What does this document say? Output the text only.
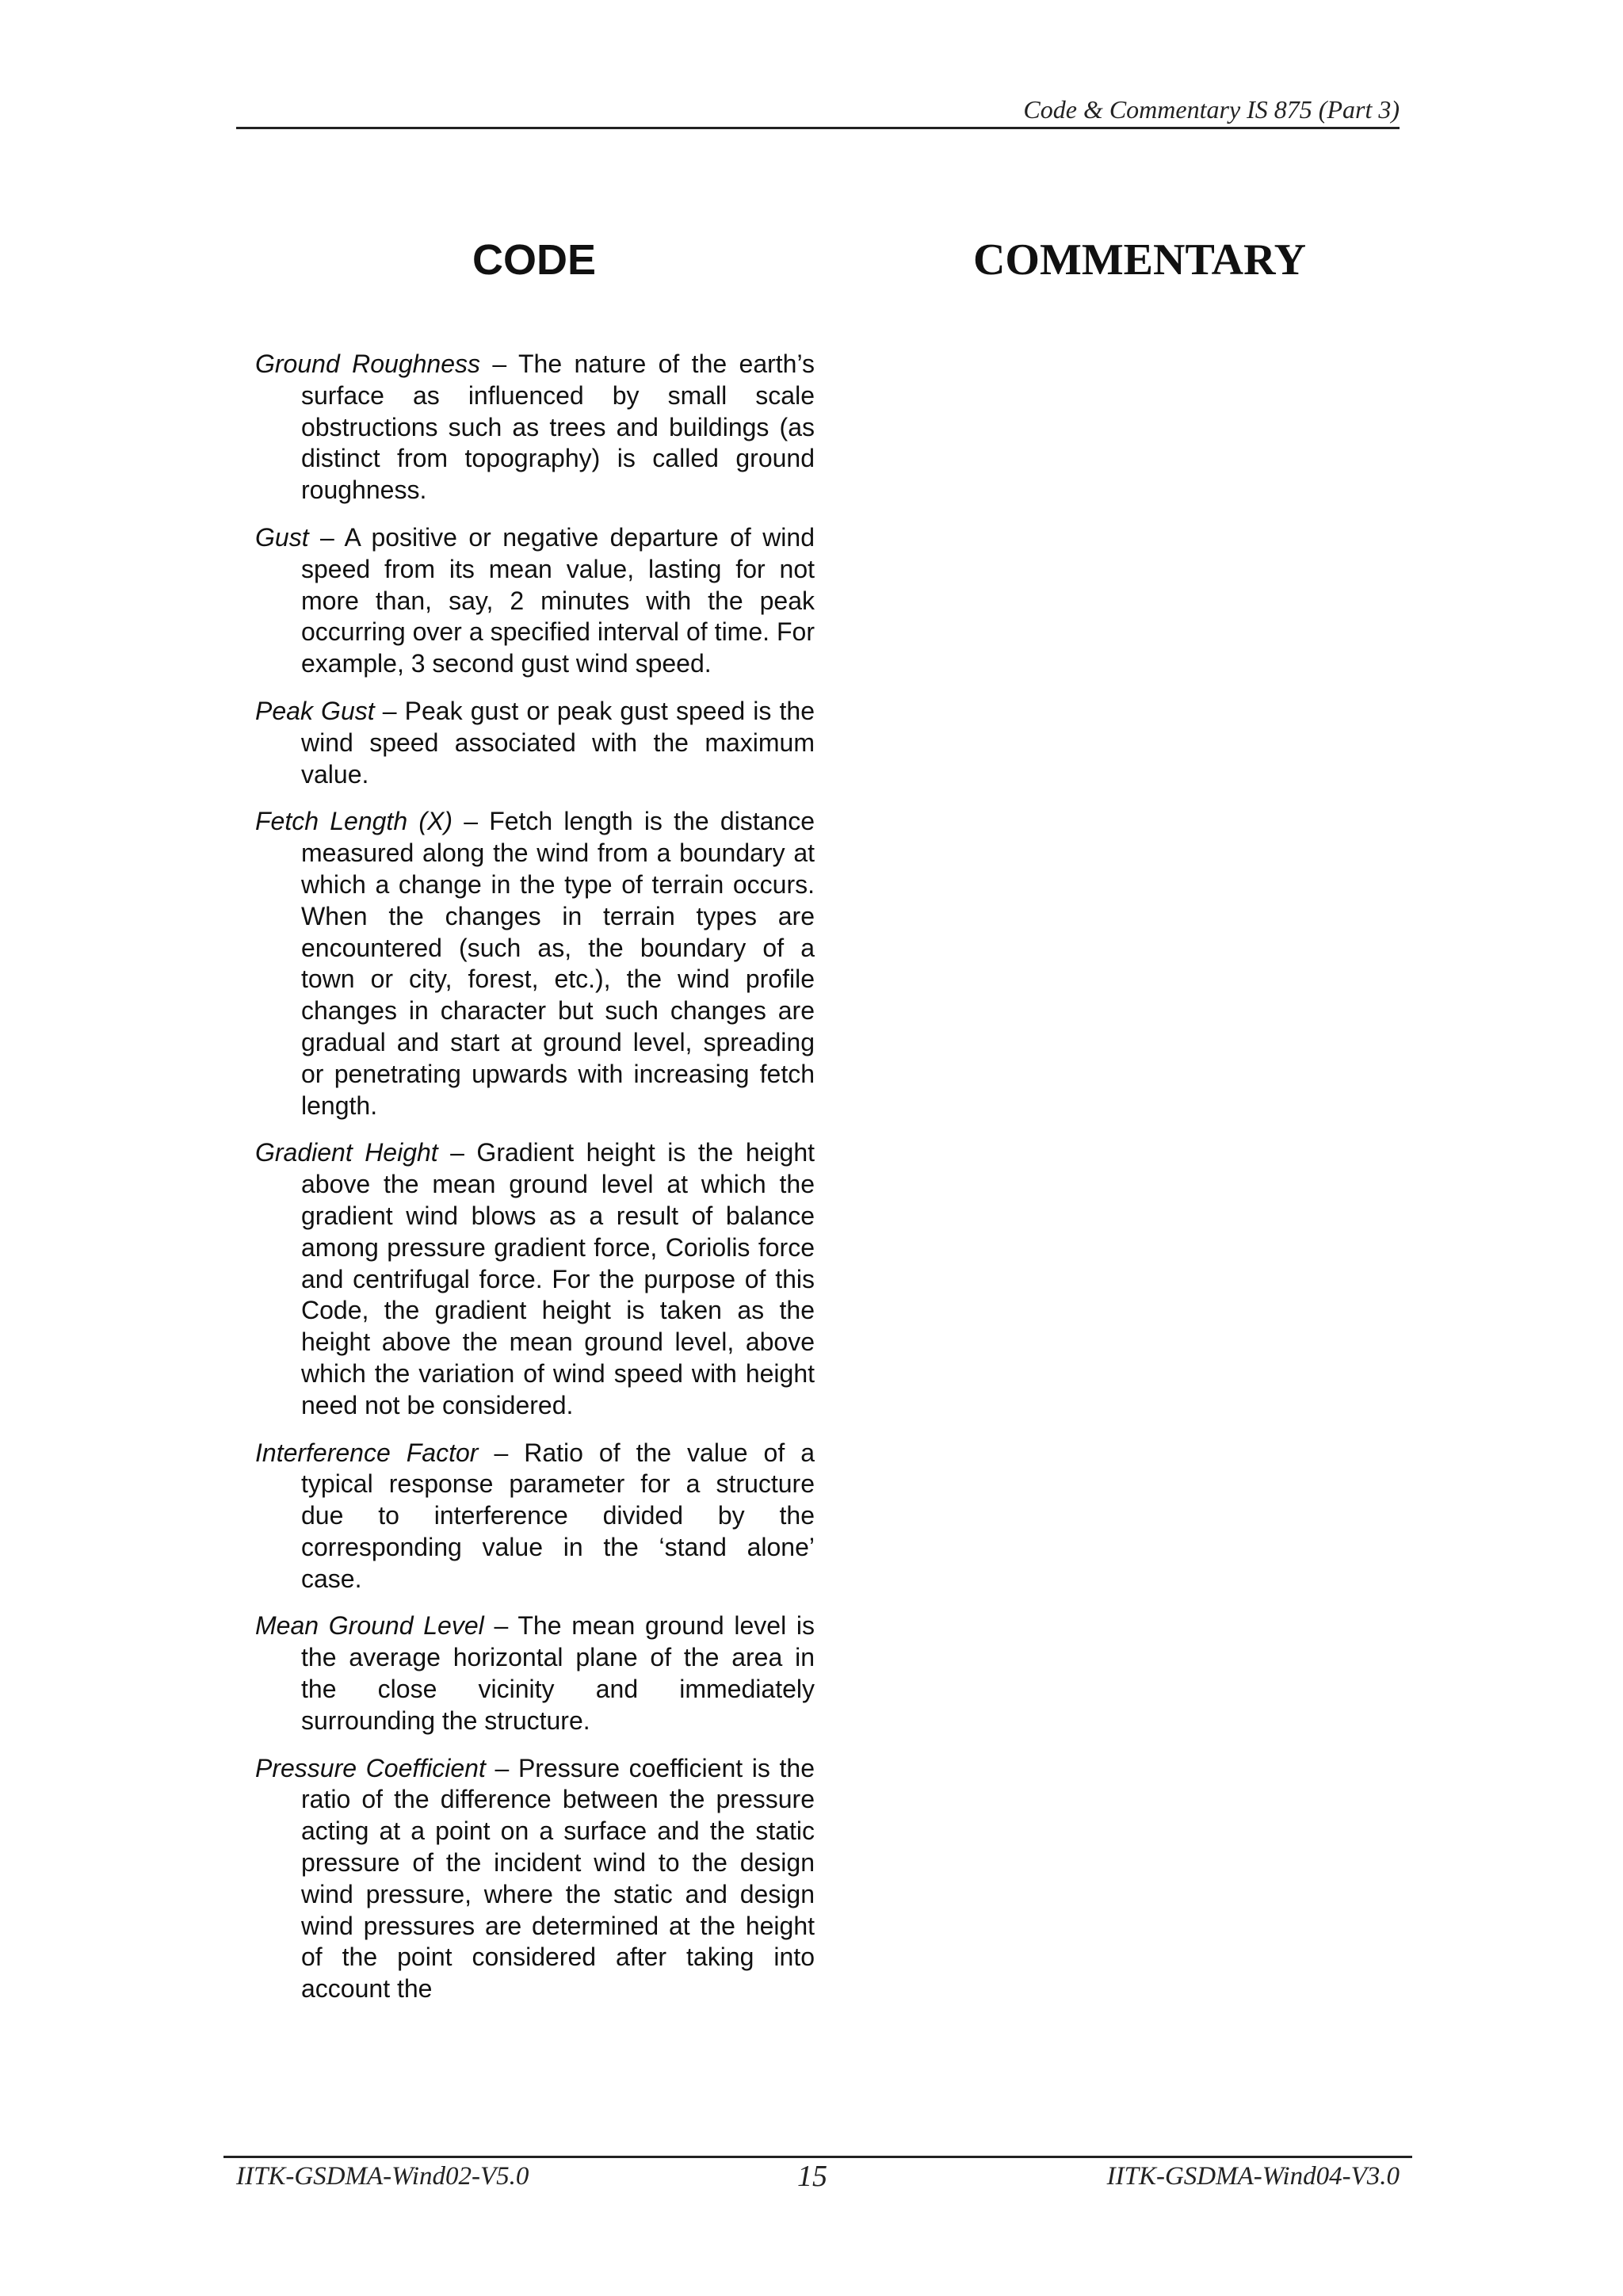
Code & Commentary IS 875 (Part 3)
CODE	COMMENTARY

Ground Roughness – The nature of the earth’s surface as influenced by small scale obstructions such as trees and buildings (as distinct from topography) is called ground roughness.

Gust – A positive or negative departure of wind speed from its mean value, lasting for not more than, say, 2 minutes with the peak occurring over a specified interval of time. For example, 3 second gust wind speed.

Peak Gust – Peak gust or peak gust speed is the wind speed associated with the maximum value.

Fetch Length (X) – Fetch length is the distance measured along the wind from a boundary at which a change in the type of terrain occurs. When the changes in terrain types are encountered (such as, the boundary of a town or city, forest, etc.), the wind profile changes in character but such changes are gradual and start at ground level, spreading or penetrating upwards with increasing fetch length.

Gradient Height – Gradient height is the height above the mean ground level at which the gradient wind blows as a result of balance among pressure gradient force, Coriolis force and centrifugal force. For the purpose of this Code, the gradient height is taken as the height above the mean ground level, above which the variation of wind speed with height need not be considered.

Interference Factor – Ratio of the value of a typical response parameter for a structure due to interference divided by the corresponding value in the ‘stand alone’ case.

Mean Ground Level – The mean ground level is the average horizontal plane of the area in the close vicinity and immediately surrounding the structure.

Pressure Coefficient – Pressure coefficient is the ratio of the difference between the pressure acting at a point on a surface and the static pressure of the incident wind to the design wind pressure, where the static and design wind pressures are determined at the height of the point considered after taking into account the

IITK-GSDMA-Wind02-V5.0	15	IITK-GSDMA-Wind04-V3.0
